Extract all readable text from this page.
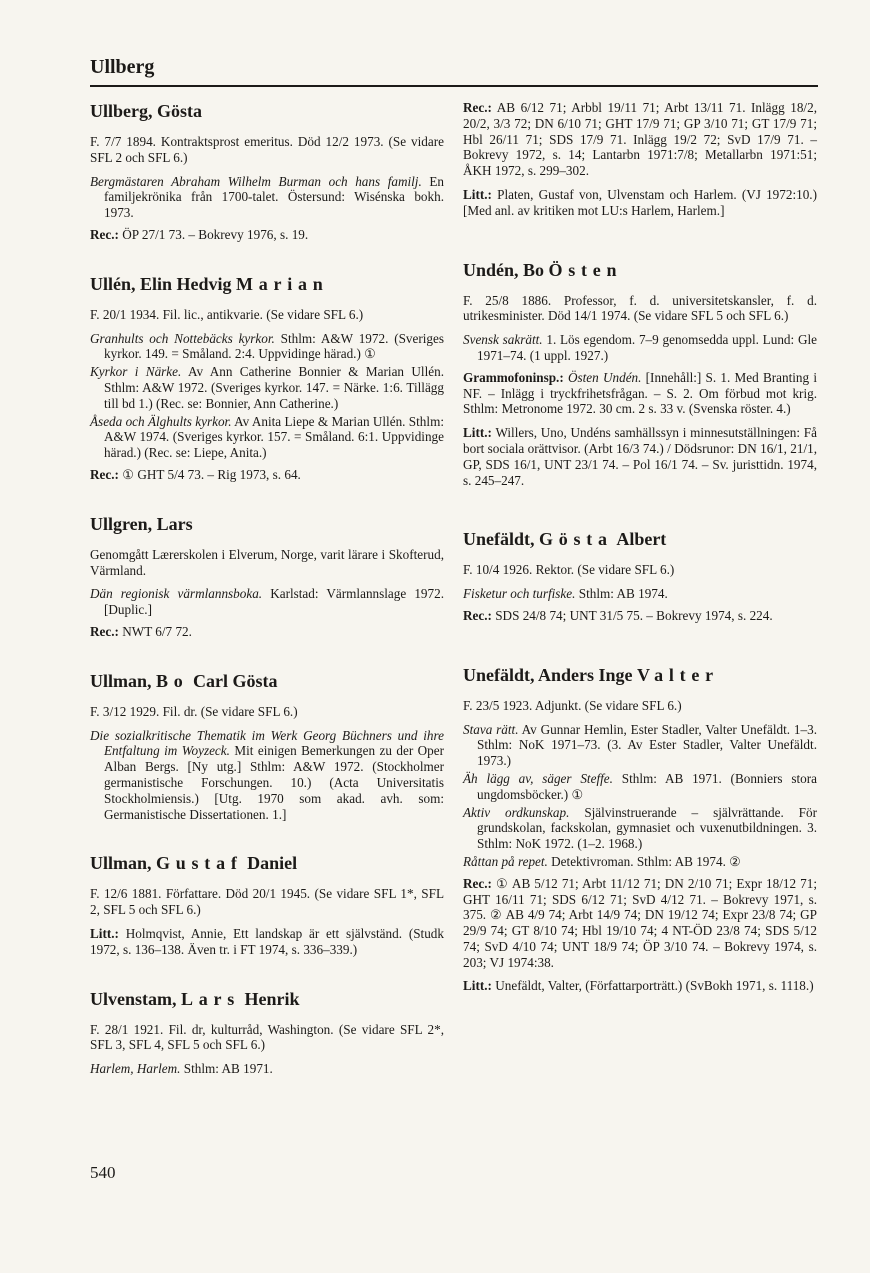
Ullberg
Ullberg, Gösta

F. 7/7 1894. Kontraktsprost emeritus. Död 12/2 1973. (Se vidare SFL 2 och SFL 6.)

Bergmästaren Abraham Wilhelm Burman och hans familj. En familjekrönika från 1700-talet. Östersund: Wisénska bokh. 1973.

Rec.: ÖP 27/1 73. – Bokrevy 1976, s. 19.

Ullén, Elin Hedvig Marian

F. 20/1 1934. Fil. lic., antikvarie. (Se vidare SFL 6.)

Granhults och Nottebäcks kyrkor. Sthlm: A&W 1972. (Sveriges kyrkor. 149. = Småland. 2:4. Uppvidinge härad.) ①

Kyrkor i Närke. Av Ann Catherine Bonnier & Marian Ullén. Sthlm: A&W 1972. (Sveriges kyrkor. 147. = Närke. 1:6. Tillägg till bd 1.) (Rec. se: Bonnier, Ann Catherine.)

Åseda och Älghults kyrkor. Av Anita Liepe & Marian Ullén. Sthlm: A&W 1974. (Sveriges kyrkor. 157. = Småland. 6:1. Uppvidinge härad.) (Rec. se: Liepe, Anita.)

Rec.: ① GHT 5/4 73. – Rig 1973, s. 64.

Ullgren, Lars

Genomgått Lærerskolen i Elverum, Norge, varit lärare i Skofterud, Värmland.

Dän regionisk värmlannsboka. Karlstad: Värmlannslage 1972. [Duplic.]

Rec.: NWT 6/7 72.

Ullman, Bo Carl Gösta

F. 3/12 1929. Fil. dr. (Se vidare SFL 6.)

Die sozialkritische Thematik im Werk Georg Büchners und ihre Entfaltung im Woyzeck. Mit einigen Bemerkungen zu der Oper Alban Bergs. [Ny utg.] Sthlm: A&W 1972. (Stockholmer germanistische Forschungen. 10.) (Acta Universitatis Stockholmiensis.) [Utg. 1970 som akad. avh. som: Germanistische Dissertationen. 1.]

Ullman, Gustaf Daniel

F. 12/6 1881. Författare. Död 20/1 1945. (Se vidare SFL 1*, SFL 2, SFL 5 och SFL 6.)

Litt.: Holmqvist, Annie, Ett landskap är ett självständ. (Studk 1972, s. 136–138. Även tr. i FT 1974, s. 336–339.)

Ulvenstam, Lars Henrik

F. 28/1 1921. Fil. dr, kulturråd, Washington. (Se vidare SFL 2*, SFL 3, SFL 4, SFL 5 och SFL 6.)

Harlem, Harlem. Sthlm: AB 1971.

Rec.: AB 6/12 71; Arbbl 19/11 71; Arbt 13/11 71. Inlägg 18/2, 20/2, 3/3 72; DN 6/10 71; GHT 17/9 71; GP 3/10 71; GT 17/9 71; Hbl 26/11 71; SDS 17/9 71. Inlägg 19/2 72; SvD 17/9 71. – Bokrevy 1972, s. 14; Lantarbn 1971:7/8; Metallarbn 1971:51; ÅKH 1972, s. 299–302.

Litt.: Platen, Gustaf von, Ulvenstam och Harlem. (VJ 1972:10.) [Med anl. av kritiken mot LU:s Harlem, Harlem.]

Undén, Bo Östen

F. 25/8 1886. Professor, f. d. universitetskansler, f. d. utrikesminister. Död 14/1 1974. (Se vidare SFL 5 och SFL 6.)

Svensk sakrätt. 1. Lös egendom. 7–9 genomsedda uppl. Lund: Gle 1971–74. (1 uppl. 1927.)

Grammofoninsp.: Östen Undén. [Innehåll:] S. 1. Med Branting i NF. – Inlägg i tryckfrihetsfrågan. – S. 2. Om förbud mot krig. Sthlm: Metronome 1972. 30 cm. 2 s. 33 v. (Svenska röster. 4.)

Litt.: Willers, Uno, Undéns samhällssyn i minnesutställningen: Få bort sociala orättvisor. (Arbt 16/3 74.) / Dödsrunor: DN 16/1, 21/1, GP, SDS 16/1, UNT 23/1 74. – Pol 16/1 74. – Sv. juristtidn. 1974, s. 245–247.

Unefäldt, Gösta Albert

F. 10/4 1926. Rektor. (Se vidare SFL 6.)

Fisketur och turfiske. Sthlm: AB 1974.

Rec.: SDS 24/8 74; UNT 31/5 75. – Bokrevy 1974, s. 224.

Unefäldt, Anders Inge Valter

F. 23/5 1923. Adjunkt. (Se vidare SFL 6.)

Stava rätt. Av Gunnar Hemlin, Ester Stadler, Valter Unefäldt. 1–3. Sthlm: NoK 1971–73. (3. Av Ester Stadler, Valter Unefäldt. 1973.)

Äh lägg av, säger Steffe. Sthlm: AB 1971. (Bonniers stora ungdomsböcker.) ①

Aktiv ordkunskap. Självinstruerande – självrättande. För grundskolan, fackskolan, gymnasiet och vuxenutbildningen. 3. Sthlm: NoK 1972. (1–2. 1968.)

Råttan på repet. Detektivroman. Sthlm: AB 1974. ②

Rec.: ① AB 5/12 71; Arbt 11/12 71; DN 2/10 71; Expr 18/12 71; GHT 16/11 71; SDS 6/12 71; SvD 4/12 71. – Bokrevy 1971, s. 375. ② AB 4/9 74; Arbt 14/9 74; DN 19/12 74; Expr 23/8 74; GP 29/9 74; GT 8/10 74; Hbl 19/10 74; 4 NT-ÖD 23/8 74; SDS 5/12 74; SvD 4/10 74; UNT 18/9 74; ÖP 3/10 74. – Bokrevy 1974, s. 203; VJ 1974:38.

Litt.: Unefäldt, Valter, (Författarporträtt.) (SvBokh 1971, s. 1118.)

540
